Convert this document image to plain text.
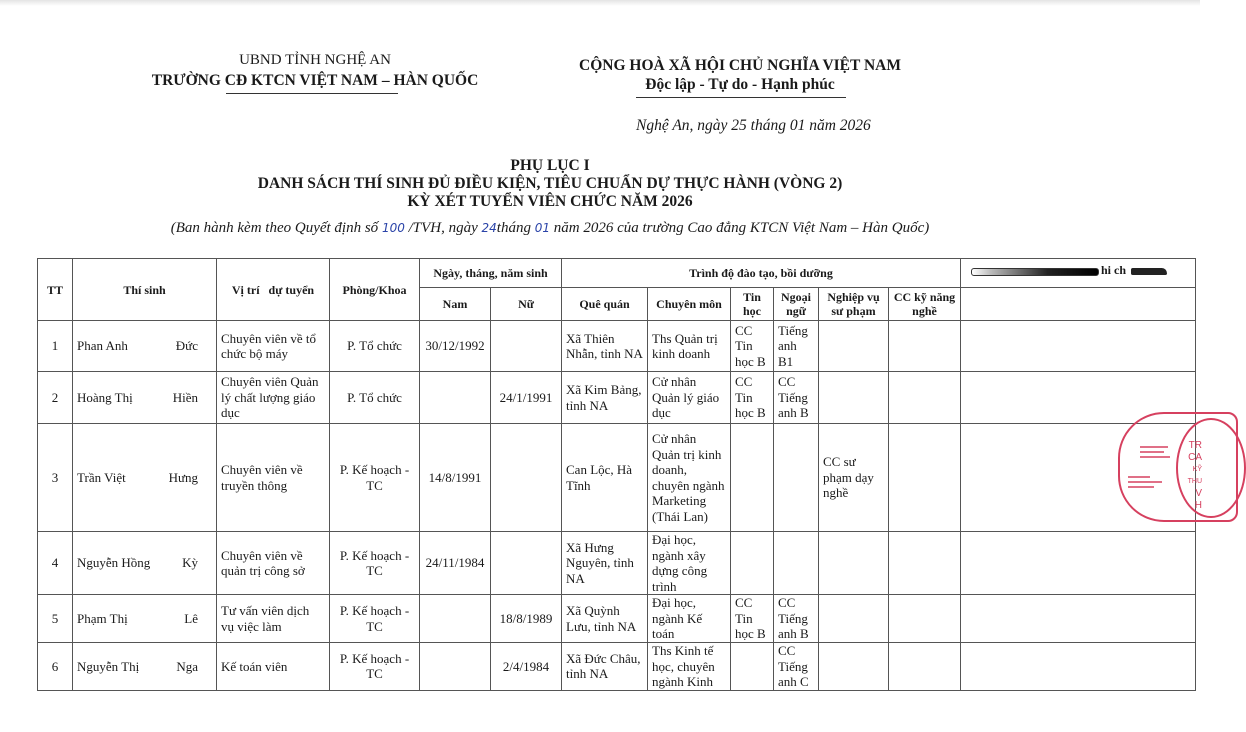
UBND TỈNH NGHỆ AN
TRƯỜNG CĐ KTCN VIỆT NAM – HÀN QUỐC
CỘNG HOÀ XÃ HỘI CHỦ NGHĨA VIỆT NAM
Độc lập - Tự do - Hạnh phúc
Nghệ An, ngày 25 tháng 01 năm 2026
PHỤ LỤC I
DANH SÁCH THÍ SINH ĐỦ ĐIỀU KIỆN, TIÊU CHUẨN DỰ THỰC HÀNH (VÒNG 2)
KỲ XÉT TUYỂN VIÊN CHỨC NĂM 2026
(Ban hành kèm theo Quyết định số 100 /TVH, ngày 24tháng 01 năm 2026 của trường Cao đẳng KTCN Việt Nam – Hàn Quốc)
TT	Thí sinh	Vị trí   dự tuyển	Phòng/Khoa	Ngày, tháng, năm sinh		Trình độ đào tạo, bồi dưỡng						hi ch

				Nam	Nữ	Quê quán	Chuyên môn	Tin học	Ngoại ngữ	Nghiệp vụ sư phạm	CC kỹ năng nghề	
1	Phan Anh Đức	Chuyên viên về tổ chức bộ máy	P. Tổ chức	30/12/1992		Xã Thiên Nhẫn, tỉnh NA	Ths Quản trị kinh doanh	CC Tin học B	Tiếng anh B1			
2	Hoàng Thị Hiền	Chuyên viên Quản lý chất lượng giáo dục	P. Tổ chức		24/1/1991	Xã Kim Bảng, tỉnh NA	Cử nhân Quản lý giáo dục	CC Tin học B	CC Tiếng anh B			
3	Trần Việt Hưng	Chuyên viên về truyền thông	P. Kế hoạch - TC	14/8/1991		Can Lộc, Hà Tĩnh	Cử nhân Quản trị kinh doanh, chuyên ngành Marketing (Thái Lan)			CC sư phạm dạy nghề		
4	Nguyễn Hồng Kỳ	Chuyên viên về quản trị công sở	P. Kế hoạch - TC	24/11/1984		Xã Hưng Nguyên, tỉnh NA	Đại học, ngành xây dựng công trình					
5	Phạm Thị Lê	Tư vấn viên dịch vụ việc làm	P. Kế hoạch - TC		18/8/1989	Xã Quỳnh Lưu, tỉnh NA	Đại học, ngành Kế toán	CC Tin học B	CC Tiếng anh B			
6	Nguyễn Thị Nga	Kế toán viên	P. Kế hoạch - TC		2/4/1984	Xã Đức Châu, tỉnh NA	Ths Kinh tế học, chuyên ngành Kinh		CC Tiếng anh C			
TR
CA
KỸ THU
V
H
